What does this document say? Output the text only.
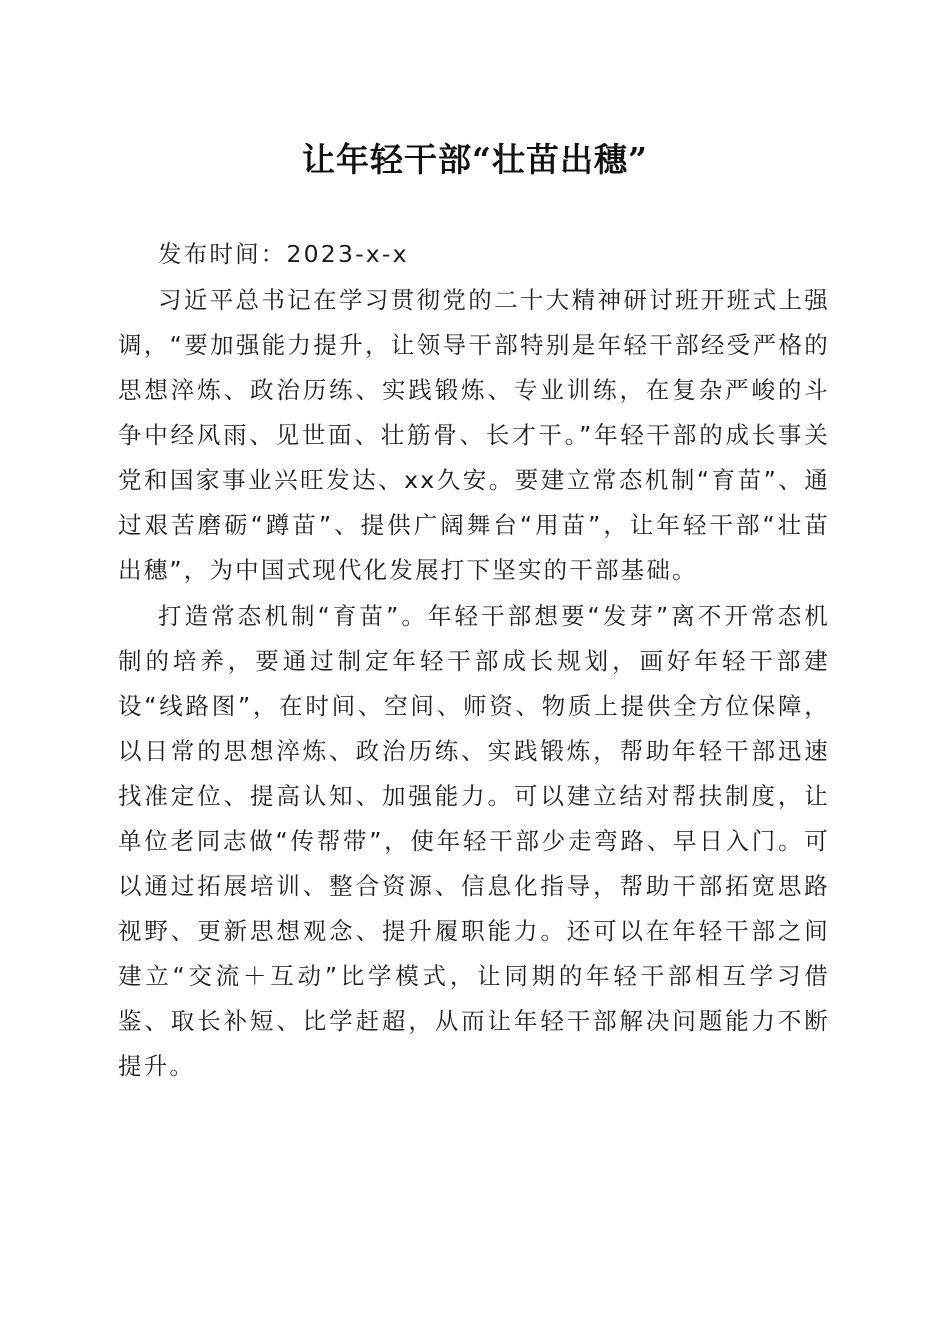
让年轻干部“壮苗出穗”

发布时间：2023-x-x

习近平总书记在学习贯彻党的二十大精神研讨班开班式上强调，“要加强能力提升，让领导干部特别是年轻干部经受严格的思想淬炼、政治历练、实践锻炼、专业训练，在复杂严峻的斗争中经风雨、见世面、壮筋骨、长才干。”年轻干部的成长事关党和国家事业兴旺发达、xx久安。要建立常态机制“育苗”、通过艰苦磨砺“蹲苗”、提供广阔舞台“用苗”，让年轻干部“壮苗出穗”，为中国式现代化发展打下坚实的干部基础。

打造常态机制“育苗”。年轻干部想要“发芽”离不开常态机制的培养，要通过制定年轻干部成长规划，画好年轻干部建设“线路图”，在时间、空间、师资、物质上提供全方位保障，以日常的思想淬炼、政治历练、实践锻炼，帮助年轻干部迅速找准定位、提高认知、加强能力。可以建立结对帮扶制度，让单位老同志做“传帮带”，使年轻干部少走弯路、早日入门。可以通过拓展培训、整合资源、信息化指导，帮助干部拓宽思路视野、更新思想观念、提升履职能力。还可以在年轻干部之间建立“交流＋互动”比学模式，让同期的年轻干部相互学习借鉴、取长补短、比学赶超，从而让年轻干部解决问题能力不断提升。
